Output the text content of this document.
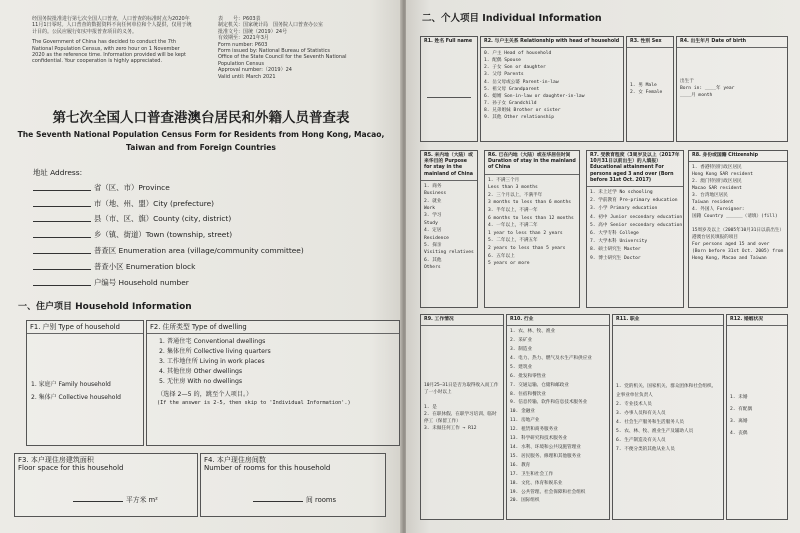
经国务院批准进行第七次全国人口普查，人口普查的标准时点为2020年11月1日零时。人口普查的数据资料不向任何单位和个人提供，仅用于统计目的。公民应履行如实申报普查项目的义务。

The Government of China has decided to conduct the 7th National Population Census, with zero hour on 1 November 2020 as the reference time. Information provided will be kept confidential. Your cooperation is highly appreciated.

表　　号：P603表
制定机关：国家统计局　国务院人口普查办公室
批准文号：国统（2019）24号
有效期至：2021年3月
Form number: P603
Form issued by: National Bureau of Statistics
Office of the State Council for the Seventh National
Population Census
Approval number:（2019）24
Valid until: March 2021
第七次全国人口普查港澳台居民和外籍人员普查表
The Seventh National Population Census Form for Residents from Hong Kong, Macao, Taiwan and from Foreign Countries
地址 Address:
省（区、市）Province
市（地、州、盟）City (prefecture)
县（市、区、旗）County (city, district)
乡（镇、街道）Town (township, street)
普查区 Enumeration area (village/community committee)
普查小区 Enumeration block
户编号 Household number
一、住户项目 Household Information
F1. 户别 Type of household
1. 家庭户 Family household
2. 集体户 Collective household
F2. 住所类型 Type of dwelling
1. 普通住宅 Conventional dwellings
2. 集体住所 Collective living quarters
3. 工作地住所 Living in work places
4. 其他住房 Other dwellings
5. 无住房 With no dwellings
（选择 2—5 的，跳至个人项目。）
(If the answer is 2-5, then skip to 'Individual Information'.)
F3. 本户现住房建筑面积
Floor space for this household
平方米 m²
F4. 本户现住房间数
Number of rooms for this household
间 rooms
二、个人项目 Individual Information
R1. 姓名 Full name	R2. 与户主关系 Relationship with head of household
0. 户主 Head of household
1. 配偶 Spouse
2. 子女 Son or daughter
3. 父母 Parents
4. 岳父母或公婆 Parent-in-law
5. 祖父母 Grandparent
6. 媳婿 Son-in-law or daughter-in-law
7. 孙子女 Grandchild
8. 兄弟姐妹 Brother or sister
9. 其他 Other relationship
R3. 性别 Sex
1. 男 Male
2. 女 Female
R4. 出生年月 Date of birth
出生于
Born in: ____年 year
____月 month
R5. 来内地（大陆）或来华目的 Purpose for stay in the mainland of China
1. 商务
Business
2. 就业
Work
3. 学习
Study
4. 定居
Residence
5. 探亲
Visiting relatives
6. 其他
Others
R6. 已在内地（大陆）或在华居住时间 Duration of stay in the mainland of China
1. 不满三个月
Less than 3 months
2. 三个月以上，不满半年
3 months to less than 6 months
3. 半年以上，不满一年
6 months to less than 12 months
4. 一年以上，不满二年
1 year to less than 2 years
5. 二年以上，不满五年
2 years to less than 5 years
6. 五年以上
5 years or more
R7. 受教育程度（3周岁及以上（2017年10月31日以前出生）的人填报）Educational attainment For persons aged 3 and over (Born before 31st Oct. 2017)
1. 未上过学 No schooling
2. 学前教育 Pre-primary education
3. 小学 Primary education
4. 初中 Junior secondary education
5. 高中 Senior secondary education
6. 大学专科 College
7. 大学本科 University
8. 硕士研究生 Master
9. 博士研究生 Doctor
R8. 身份或国籍 Citizenship
1. 香港特别行政区居民
Hong Kong SAR resident
2. 澳门特别行政区居民
Macao SAR resident
3. 台湾地区居民
Taiwan resident
4. 外国人 Foreigner:
国籍 Country ______（请填）(fill)

15周岁及以上（2005年10月31日以前出生）港澳台居民填报的项目
For persons aged 15 and over (Born before 31st Oct. 2005) from Hong Kong, Macao and Taiwan
R9. 工作情况
10月25—31日是否为取得收入而工作了一小时以上

1. 是
2. 在职休假、在职学习培训、临时停工（保留工作）
3. 未做任何工作 → R12
R10. 行业
1. 农、林、牧、渔业
2. 采矿业
3. 制造业
4. 电力、热力、燃气及水生产和供应业
5. 建筑业
6. 批发和零售业
7. 交通运输、仓储和邮政业
8. 住宿和餐饮业
9. 信息传输、软件和信息技术服务业
10. 金融业
11. 房地产业
12. 租赁和商务服务业
13. 科学研究和技术服务业
14. 水利、环境和公共设施管理业
15. 居民服务、修理和其他服务业
16. 教育
17. 卫生和社会工作
18. 文化、体育和娱乐业
19. 公共管理、社会保障和社会组织
20. 国际组织
R11. 职业
1. 党的机关、国家机关、群众团体和社会组织、企事业单位负责人
2. 专业技术人员
3. 办事人员和有关人员
4. 社会生产服务和生活服务人员
5. 农、林、牧、渔业生产及辅助人员
6. 生产制造及有关人员
7. 不便分类的其他从业人员
R12. 婚姻状况
1. 未婚
2. 有配偶
3. 离婚
4. 丧偶
